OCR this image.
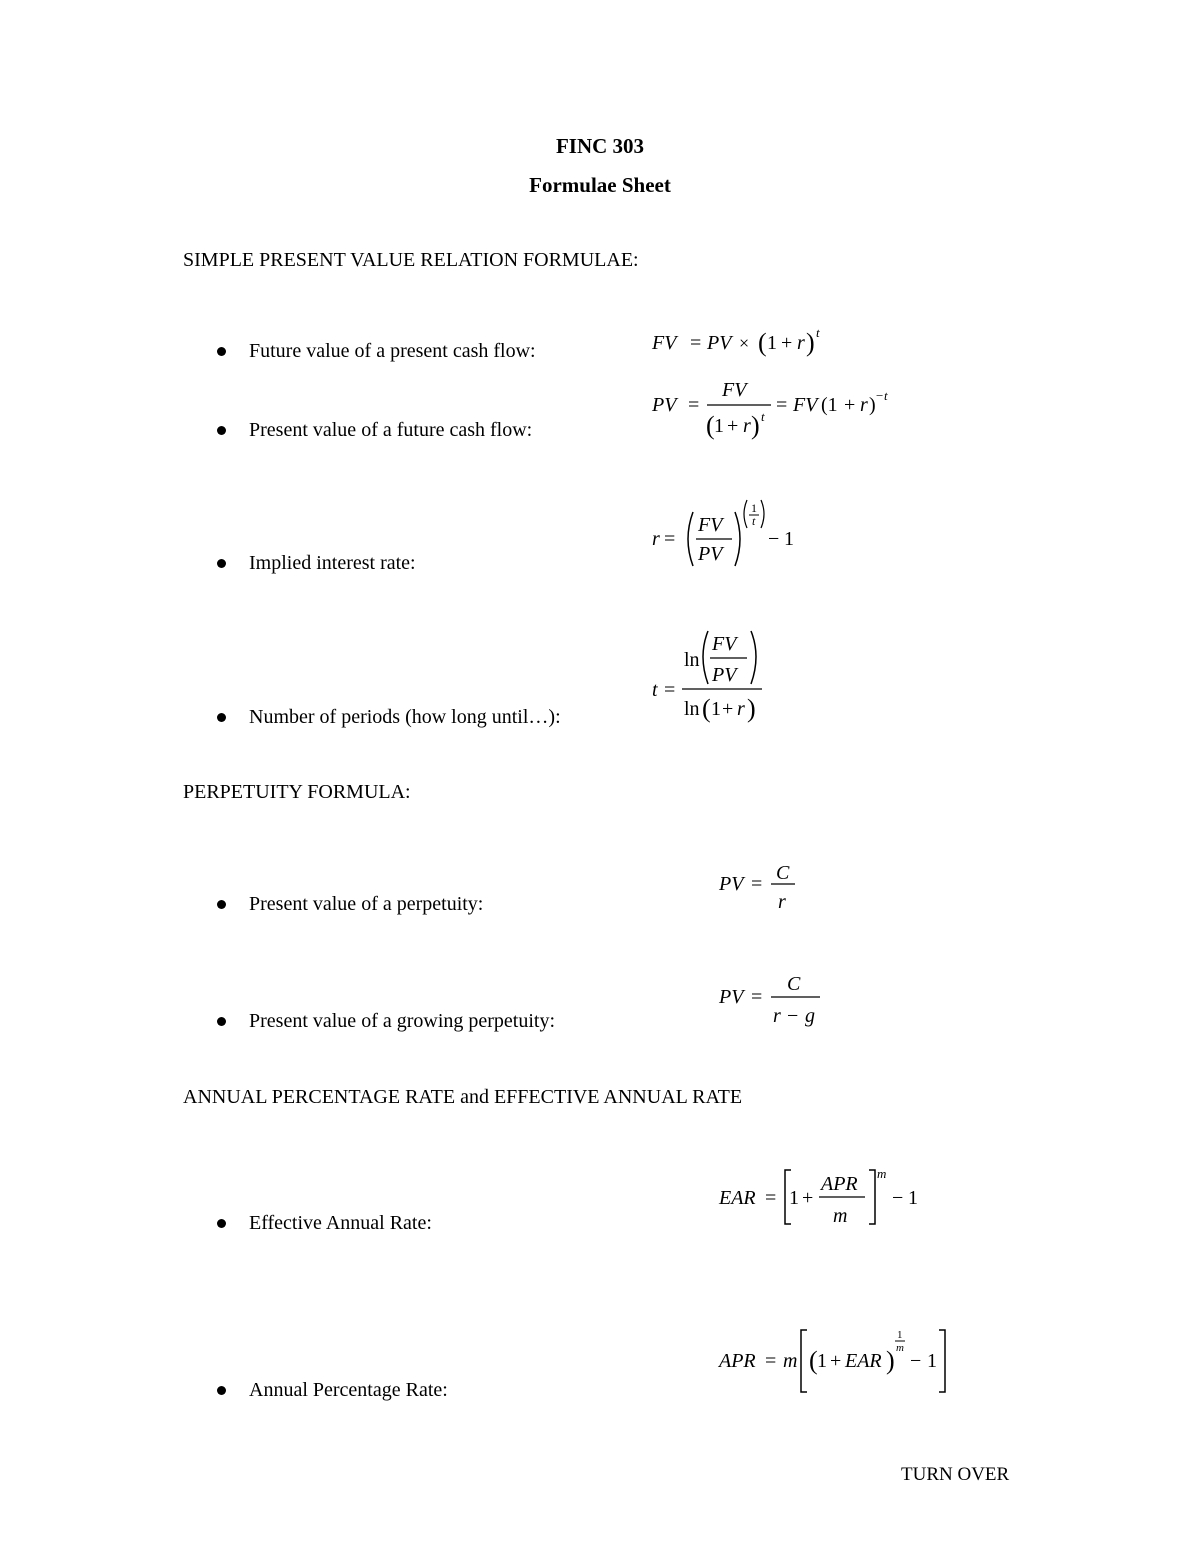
FINC 303
Formulae Sheet
SIMPLE PRESENT VALUE RELATION FORMULAE:
Future value of a present cash flow:	FV = PV × ( 1 + r ) t
Present value of a future cash flow:
PV =
FV
( 1 + r ) t
= FV (1 + r ) − t
Implied interest rate:
r =
FV
PV
1
t
− 1
Number of periods (how long until…):
t =
ln
FV
PV
ln ( 1 + r )
PERPETUITY FORMULA:
Present value of a perpetuity:
PV = C
r
Present value of a growing perpetuity:
PV =
C
r − g
ANNUAL PERCENTAGE RATE and EFFECTIVE ANNUAL RATE
Effective Annual Rate:
EAR = 1 +
APR
m
m
− 1
Annual Percentage Rate:
APR = m ( 1 + EAR )
1
m
− 1
TURN OVER
